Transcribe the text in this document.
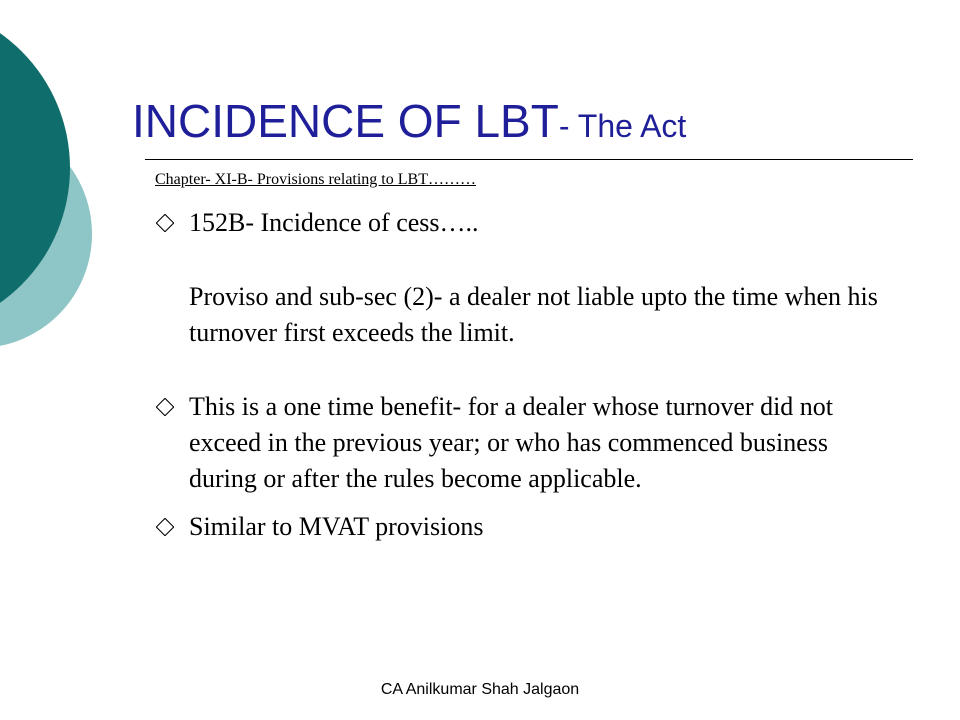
INCIDENCE OF LBT- The Act
Chapter- XI-B- Provisions relating to LBT………
152B- Incidence of cess…..
Proviso and sub-sec (2)- a dealer not liable upto the time when his turnover first exceeds the limit.
This is a one time benefit- for a dealer whose turnover did not exceed in the previous year; or who has commenced business during or after the rules become applicable.
Similar to MVAT provisions
CA Anilkumar Shah Jalgaon
